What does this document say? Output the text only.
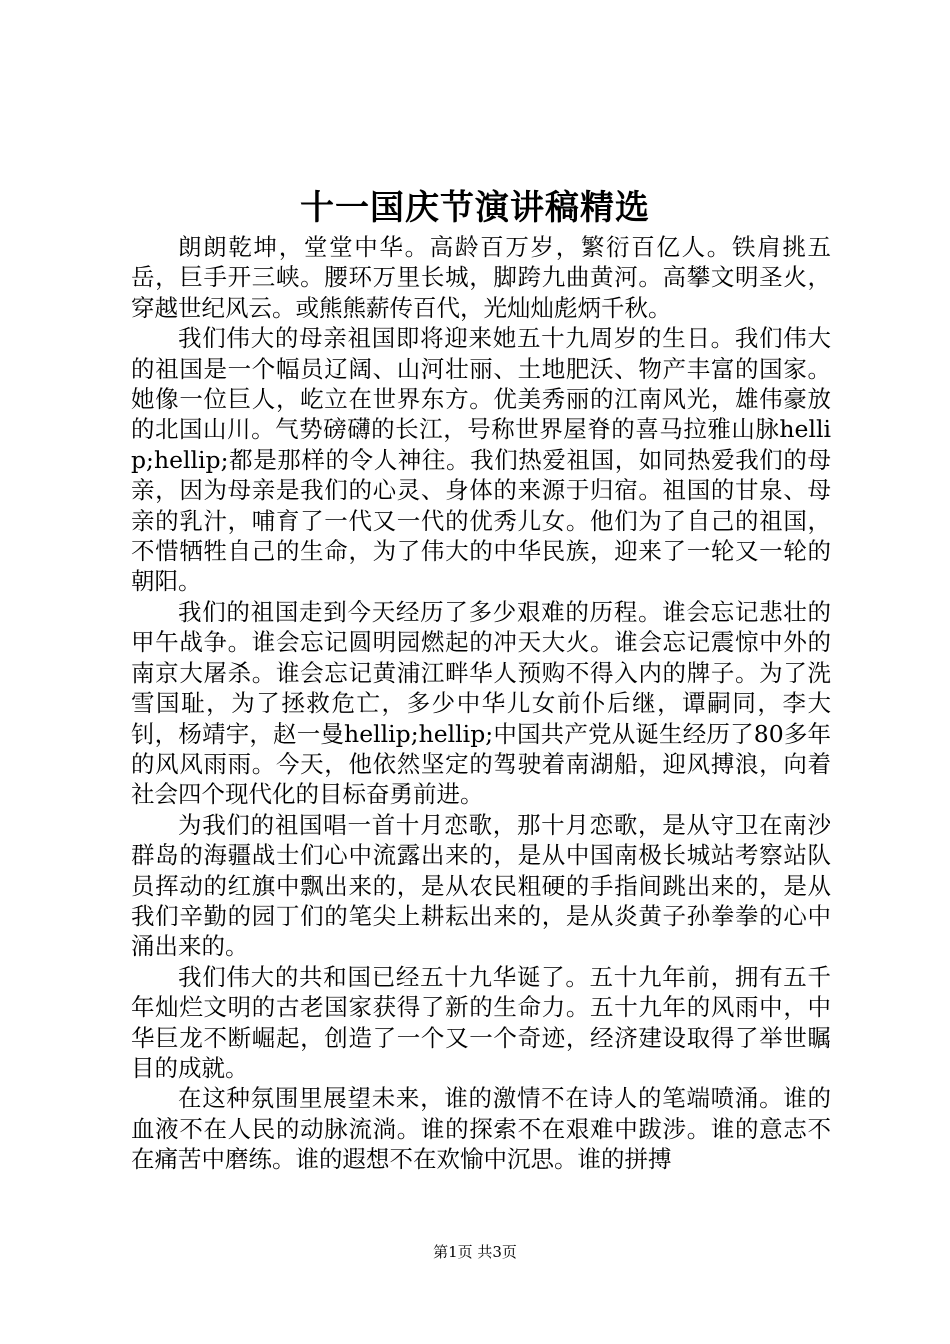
十一国庆节演讲稿精选

朗朗乾坤，堂堂中华。高龄百万岁，繁衍百亿人。铁肩挑五岳，巨手开三峡。腰环万里长城，脚跨九曲黄河。高攀文明圣火，穿越世纪风云。或熊熊薪传百代，光灿灿彪炳千秋。

我们伟大的母亲祖国即将迎来她五十九周岁的生日。我们伟大的祖国是一个幅员辽阔、山河壮丽、土地肥沃、物产丰富的国家。她像一位巨人，屹立在世界东方。优美秀丽的江南风光，雄伟豪放的北国山川。气势磅礴的长江，号称世界屋脊的喜马拉雅山脉hellip;hellip;都是那样的令人神往。我们热爱祖国，如同热爱我们的母亲，因为母亲是我们的心灵、身体的来源于归宿。祖国的甘泉、母亲的乳汁，哺育了一代又一代的优秀儿女。他们为了自己的祖国，不惜牺牲自己的生命，为了伟大的中华民族，迎来了一轮又一轮的朝阳。

我们的祖国走到今天经历了多少艰难的历程。谁会忘记悲壮的甲午战争。谁会忘记圆明园燃起的冲天大火。谁会忘记震惊中外的南京大屠杀。谁会忘记黄浦江畔华人预购不得入内的牌子。为了洗雪国耻，为了拯救危亡，多少中华儿女前仆后继，谭嗣同，李大钊，杨靖宇，赵一曼hellip;hellip;中国共产党从诞生经历了80多年的风风雨雨。今天，他依然坚定的驾驶着南湖船，迎风搏浪，向着社会四个现代化的目标奋勇前进。

为我们的祖国唱一首十月恋歌，那十月恋歌，是从守卫在南沙群岛的海疆战士们心中流露出来的，是从中国南极长城站考察站队员挥动的红旗中飘出来的，是从农民粗硬的手指间跳出来的，是从我们辛勤的园丁们的笔尖上耕耘出来的，是从炎黄子孙拳拳的心中涌出来的。

我们伟大的共和国已经五十九华诞了。五十九年前，拥有五千年灿烂文明的古老国家获得了新的生命力。五十九年的风雨中，中华巨龙不断崛起，创造了一个又一个奇迹，经济建设取得了举世瞩目的成就。

在这种氛围里展望未来，谁的激情不在诗人的笔端喷涌。谁的血液不在人民的动脉流淌。谁的探索不在艰难中跋涉。谁的意志不在痛苦中磨练。谁的遐想不在欢愉中沉思。谁的拼搏

第1页 共3页
